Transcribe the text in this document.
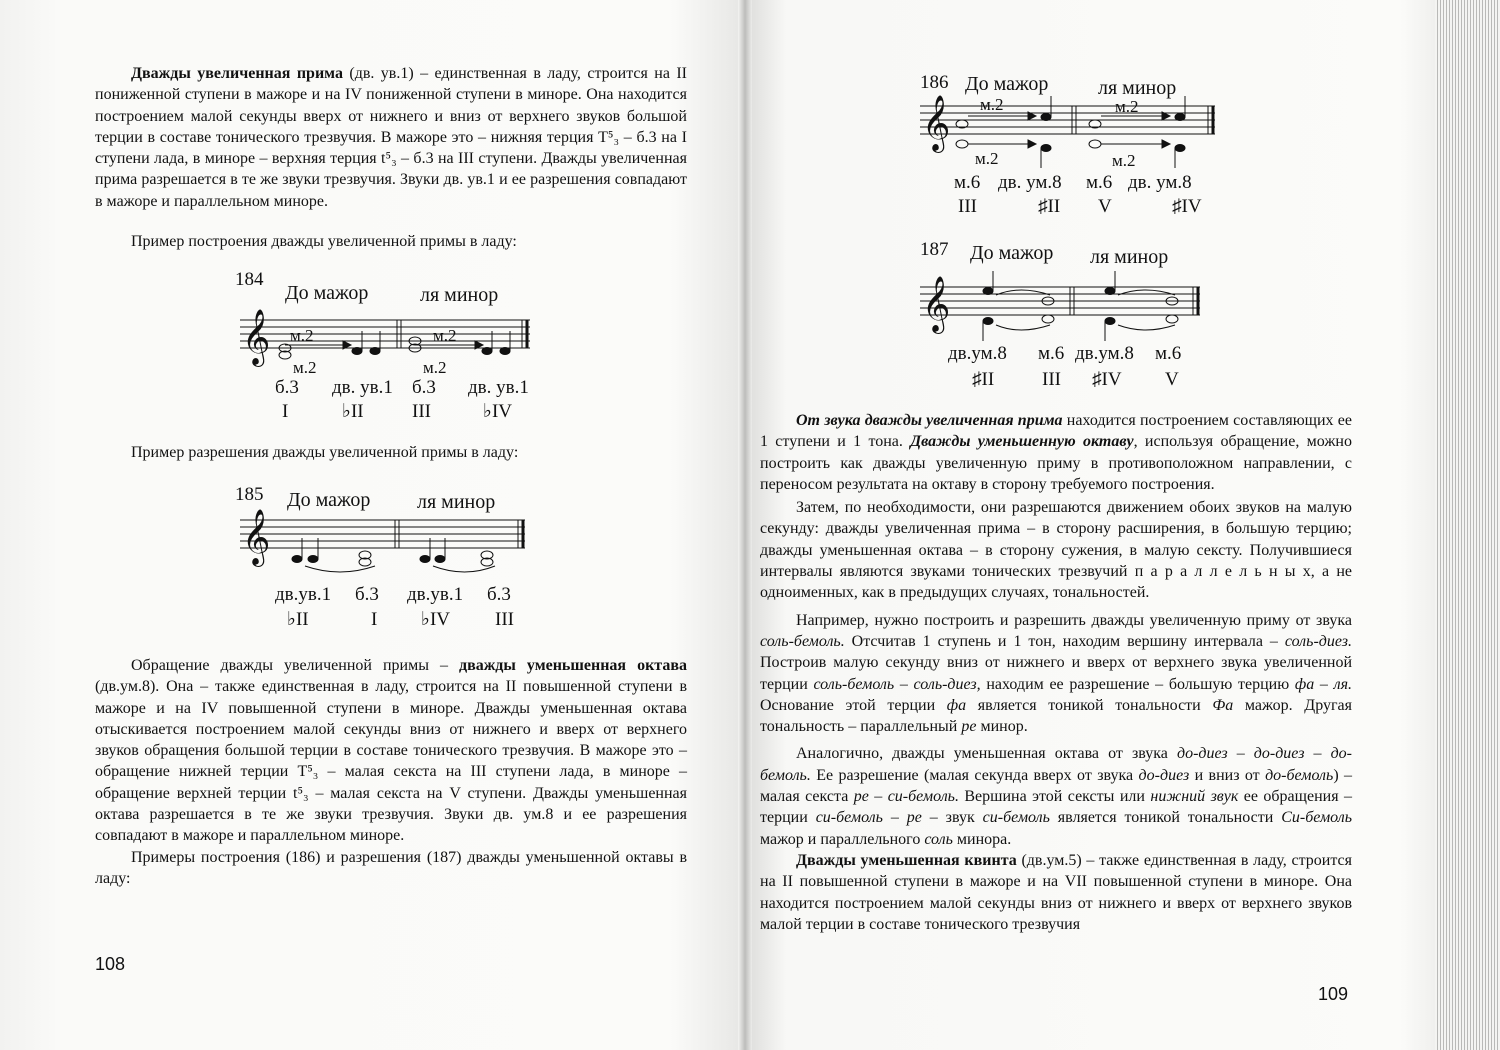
Дважды увеличенная прима (дв. ув.1) – единственная в ладу, строится на II пониженной ступени в мажоре и на IV пониженной ступени в миноре. Она находится построением малой секунды вверх от нижнего и вниз от верхнего звуков большой терции в составе тонического трезвучия. В мажоре это – нижняя терция T⁵₃ – б.3 на I ступени лада, в миноре – верхняя терция t⁵₃ – б.3 на III ступени. Дважды увеличенная прима разрешается в те же звуки трезвучия. Звуки дв. ув.1 и ее разрешения совпадают в мажоре и параллельном миноре.

Пример построения дважды увеличенной примы в ладу:

184
До мажор	ля минор
𝄞 м.2	м.2
м.2	м.2
б.3 дв. ув.1 б.3 дв. ув.1
I	♭II	III	♭IV

Пример разрешения дважды увеличенной примы в ладу:

185 До мажор ля минор
𝄞
дв.ув.1 б.3 дв.ув.1 б.3
♭II	I ♭IV III

Обращение дважды увеличенной примы – дважды уменьшенная октава (дв.ум.8). Она – также единственная в ладу, строится на II повышенной ступени в мажоре и на IV повышенной ступени в миноре. Дважды уменьшенная октава отыскивается построением малой секунды вниз от нижнего и вверх от верхнего звуков обращения большой терции в составе тонического трезвучия. В мажоре это – обращение нижней терции T⁵₃ – малая секста на III ступени лада, в миноре – обращение верхней терции t⁵₃ – малая секста на V ступени. Дважды уменьшенная октава разрешается в те же звуки трезвучия. Звуки дв. ум.8 и ее разрешения совпадают в мажоре и параллельном миноре.

Примеры построения (186) и разрешения (187) дважды уменьшенной октавы в ладу:

108
186 До мажор ля минор
𝄞 м.2	м.2
м.2	м.2
м.6 дв. ум.8 м.6 дв. ум.8
III	♯II V	♯IV
187 До мажор ля минор
𝄞
дв.ум.8 м.6 дв.ум.8 м.6
♯II	III ♯IV V

От звука дважды увеличенная прима находится построением составляющих ее 1 ступени и 1 тона. Дважды уменьшенную октаву, используя обращение, можно построить как дважды увеличенную приму в противоположном направлении, с переносом результата на октаву в сторону требуемого построения.

Затем, по необходимости, они разрешаются движением обоих звуков на малую секунду: дважды увеличенная прима – в сторону расширения, в большую терцию; дважды уменьшенная октава – в сторону сужения, в малую сексту. Получившиеся интервалы являются звуками тонических трезвучий п а р а л л е л ь н ы х, а не одноименных, как в предыдущих случаях, тональностей.

Например, нужно построить и разрешить дважды увеличенную приму от звука соль-бемоль. Отсчитав 1 ступень и 1 тон, находим вершину интервала – соль-диез. Построив малую секунду вниз от нижнего и вверх от верхнего звука увеличенной терции соль-бемоль – соль-диез, находим ее разрешение – большую терцию фа – ля. Основание этой терции фа является тоникой тональности Фа мажор. Другая тональность – параллельный ре минор.

Аналогично, дважды уменьшенная октава от звука до-диез – до-диез – до-бемоль. Ее разрешение (малая секунда вверх от звука до-диез и вниз от до-бемоль) – малая секста ре – си-бемоль. Вершина этой сексты или нижний звук ее обращения – терции си-бемоль – ре – звук си-бемоль является тоникой тональности Си-бемоль мажор и параллельного соль минора.

Дважды уменьшенная квинта (дв.ум.5) – также единственная в ладу, строится на II повышенной ступени в мажоре и на VII повышенной ступени в миноре. Она находится построением малой секунды вниз от нижнего и вверх от верхнего звуков малой терции в составе тонического трезвучия

109
